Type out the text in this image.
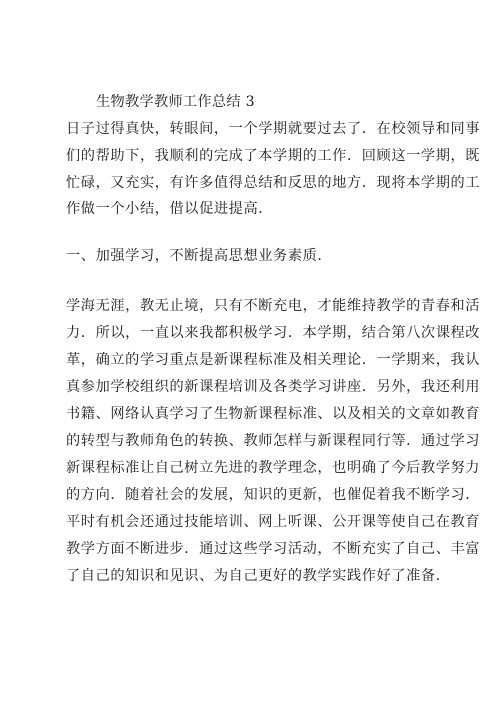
生物教学教师工作总结 3
日子过得真快，转眼间，一个学期就要过去了．在校领导和同事
们的帮助下，我顺利的完成了本学期的工作．回顾这一学期，既
忙碌，又充实，有许多值得总结和反思的地方．现将本学期的工
作做一个小结，借以促进提高．
一、加强学习，不断提高思想业务素质．
学海无涯，教无止境，只有不断充电，才能维持教学的青春和活
力．所以，一直以来我都积极学习．本学期，结合第八次课程改
革，确立的学习重点是新课程标准及相关理论．一学期来，我认
真参加学校组织的新课程培训及各类学习讲座．另外，我还利用
书籍、网络认真学习了生物新课程标准、以及相关的文章如教育
的转型与教师角色的转换、教师怎样与新课程同行等．通过学习
新课程标准让自己树立先进的教学理念，也明确了今后教学努力
的方向．随着社会的发展，知识的更新，也催促着我不断学习．
平时有机会还通过技能培训、网上听课、公开课等使自己在教育
教学方面不断进步．通过这些学习活动，不断充实了自己、丰富
了自己的知识和见识、为自己更好的教学实践作好了准备．
